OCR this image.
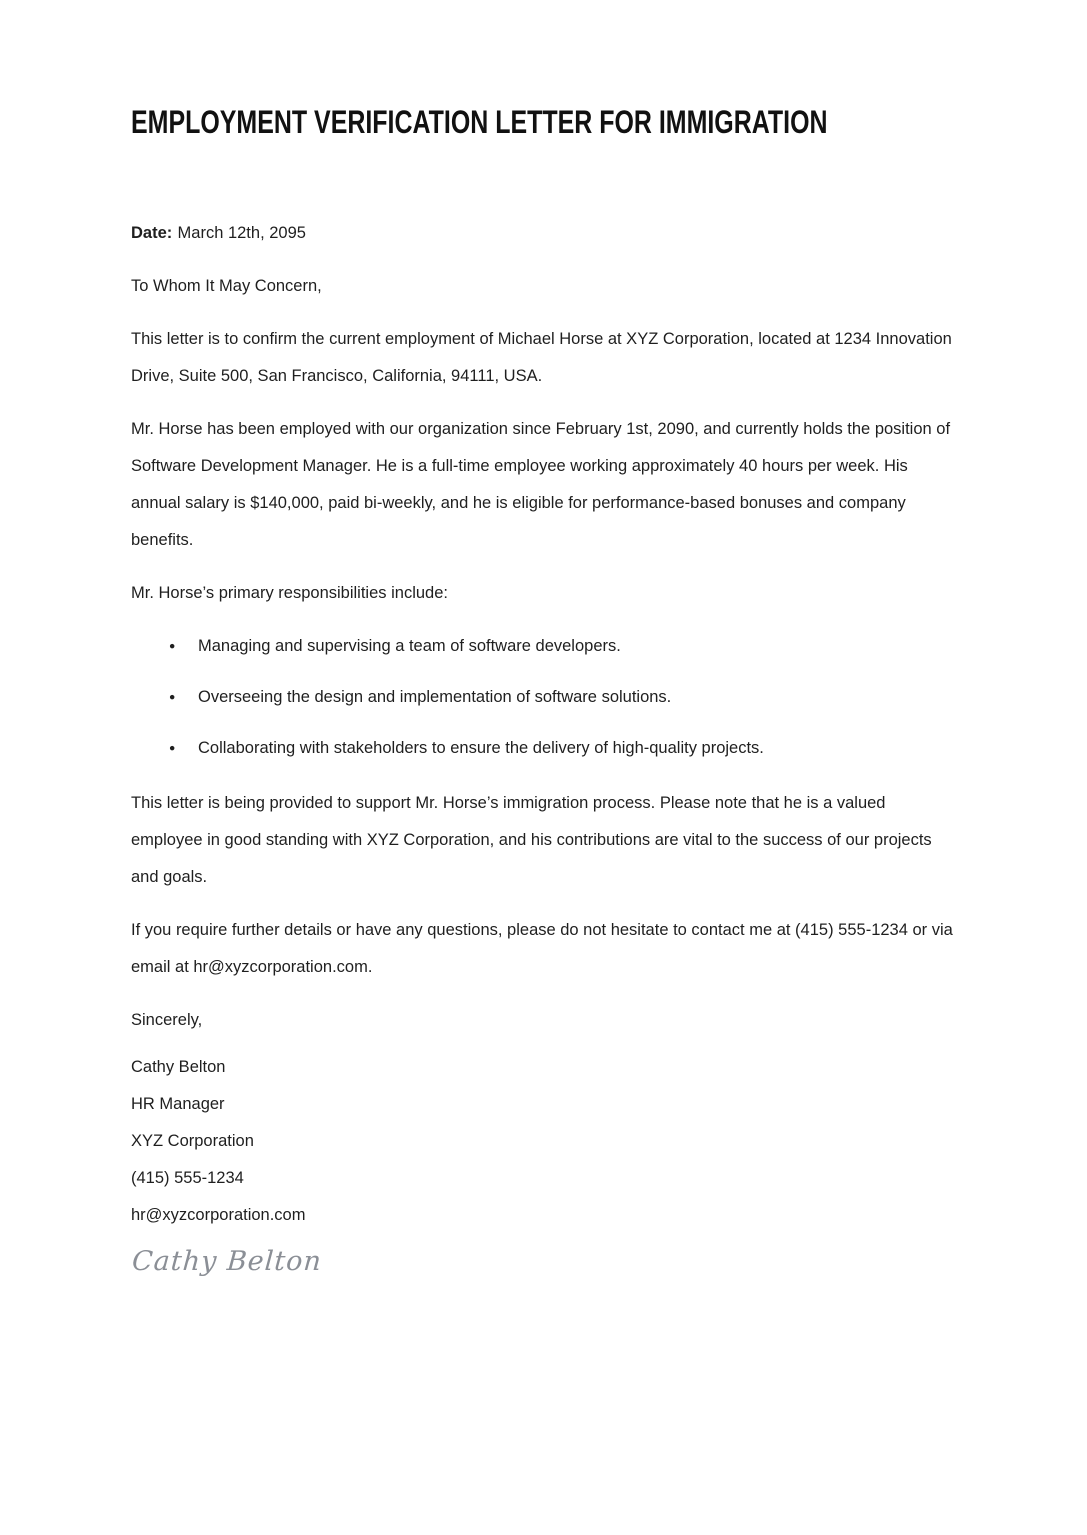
EMPLOYMENT VERIFICATION LETTER FOR IMMIGRATION

Date: March 12th, 2095

To Whom It May Concern,

This letter is to confirm the current employment of Michael Horse at XYZ Corporation, located at 1234 Innovation Drive, Suite 500, San Francisco, California, 94111, USA.

Mr. Horse has been employed with our organization since February 1st, 2090, and currently holds the position of Software Development Manager. He is a full-time employee working approximately 40 hours per week. His annual salary is $140,000, paid bi-weekly, and he is eligible for performance-based bonuses and company benefits.

Mr. Horse’s primary responsibilities include:

● Managing and supervising a team of software developers.
● Overseeing the design and implementation of software solutions.
● Collaborating with stakeholders to ensure the delivery of high-quality projects.

This letter is being provided to support Mr. Horse’s immigration process. Please note that he is a valued employee in good standing with XYZ Corporation, and his contributions are vital to the success of our projects and goals.

If you require further details or have any questions, please do not hesitate to contact me at (415) 555-1234 or via email at hr@xyzcorporation.com.

Sincerely,

Cathy Belton

HR Manager

XYZ Corporation

(415) 555-1234

hr@xyzcorporation.com

Cathy Belton
